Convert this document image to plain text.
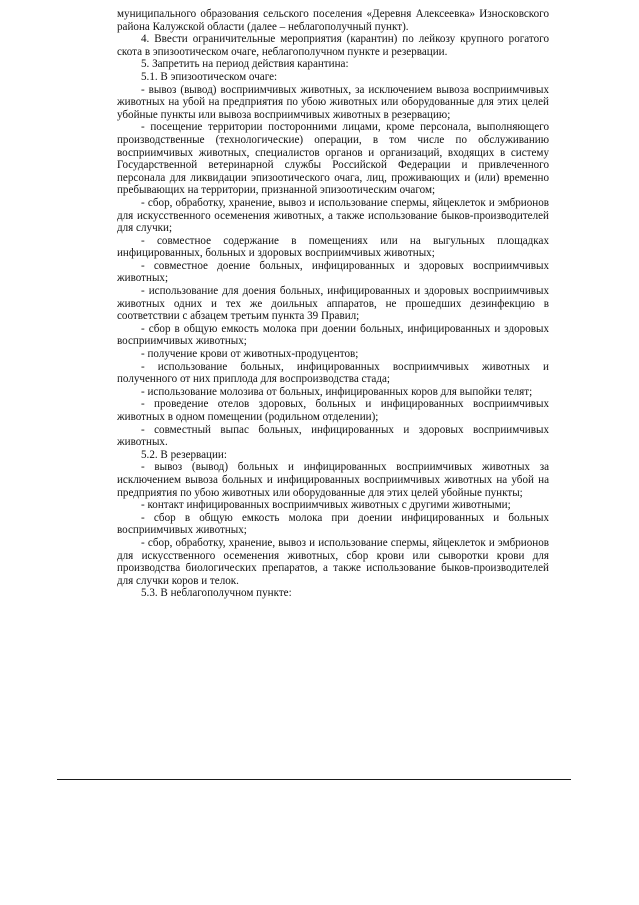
муниципального образования сельского поселения «Деревня Алексеевка» Износковского района Калужской области (далее – неблагополучный пункт).

4. Ввести ограничительные мероприятия (карантин) по лейкозу крупного рогатого скота в эпизоотическом очаге, неблагополучном пункте и резервации.

5. Запретить на период действия карантина:

5.1. В эпизоотическом очаге:

- вывоз (вывод) восприимчивых животных, за исключением вывоза восприимчивых животных на убой на предприятия по убою животных или оборудованные для этих целей убойные пункты или вывоза восприимчивых животных в резервацию;

- посещение территории посторонними лицами, кроме персонала, выполняющего производственные (технологические) операции, в том числе по обслуживанию восприимчивых животных, специалистов органов и организаций, входящих в систему Государственной ветеринарной службы Российской Федерации и привлеченного персонала для ликвидации эпизоотического очага, лиц, проживающих и (или) временно пребывающих на территории, признанной эпизоотическим очагом;

- сбор, обработку, хранение, вывоз и использование спермы, яйцеклеток и эмбрионов для искусственного осеменения животных, а также использование быков-производителей для случки;

- совместное содержание в помещениях или на выгульных площадках инфицированных, больных и здоровых восприимчивых животных;

- совместное доение больных, инфицированных и здоровых восприимчивых животных;

- использование для доения больных, инфицированных и здоровых восприимчивых животных одних и тех же доильных аппаратов, не прошедших дезинфекцию в соответствии с абзацем третьим пункта 39 Правил;

- сбор в общую емкость молока при доении больных, инфицированных и здоровых восприимчивых животных;

- получение крови от животных-продуцентов;

- использование больных, инфицированных восприимчивых животных и полученного от них приплода для воспроизводства стада;

- использование молозива от больных, инфицированных коров для выпойки телят;

- проведение отелов здоровых, больных и инфицированных восприимчивых животных в одном помещении (родильном отделении);

- совместный выпас больных, инфицированных и здоровых восприимчивых животных.

5.2. В резервации:

- вывоз (вывод) больных и инфицированных восприимчивых животных за исключением вывоза больных и инфицированных восприимчивых животных на убой на предприятия по убою животных или оборудованные для этих целей убойные пункты;

- контакт инфицированных восприимчивых животных с другими животными;

- сбор в общую емкость молока при доении инфицированных и больных восприимчивых животных;

- сбор, обработку, хранение, вывоз и использование спермы, яйцеклеток и эмбрионов для искусственного осеменения животных, сбор крови или сыворотки крови для производства биологических препаратов, а также использование быков-производителей для случки коров и телок.

5.3. В неблагополучном пункте:
